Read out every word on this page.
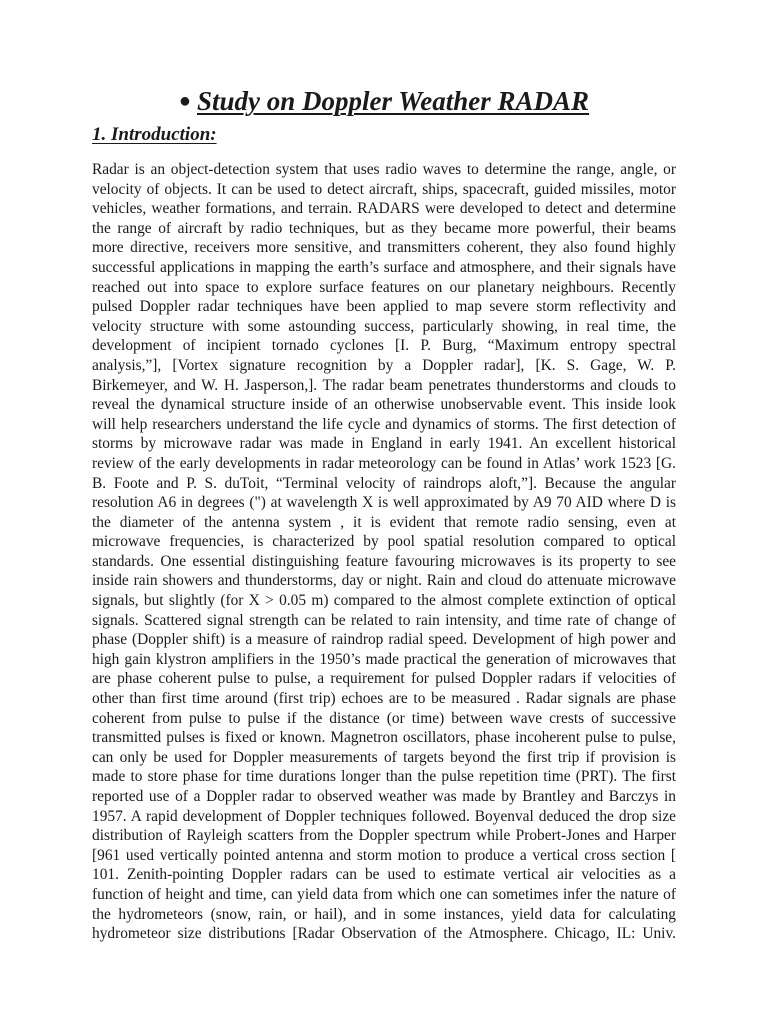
● Study on Doppler Weather RADAR
1. Introduction:
Radar is an object-detection system that uses radio waves to determine the range, angle, or
velocity of objects. It can be used to detect aircraft, ships, spacecraft, guided missiles, motor
vehicles, weather formations, and terrain. RADARS were developed to detect and determine
the range of aircraft by radio techniques, but as they became more powerful, their beams
more directive, receivers more sensitive, and transmitters coherent, they also found highly
successful applications in mapping the earth’s surface and atmosphere, and their signals have
reached out into space to explore surface features on our planetary neighbours. Recently
pulsed Doppler radar techniques have been applied to map severe storm reflectivity and
velocity structure with some astounding success, particularly showing, in real time, the
development of incipient tornado cyclones [I. P. Burg, “Maximum entropy spectral
analysis,”], [Vortex signature recognition by a Doppler radar], [K. S. Gage, W. P.
Birkemeyer, and W. H. Jasperson,]. The radar beam penetrates thunderstorms and clouds to
reveal the dynamical structure inside of an otherwise unobservable event. This inside look
will help researchers understand the life cycle and dynamics of storms. The first detection of
storms by microwave radar was made in England in early 1941. An excellent historical
review of the early developments in radar meteorology can be found in Atlas’ work 1523 [G.
B. Foote and P. S. duToit, “Terminal velocity of raindrops aloft,”]. Because the angular
resolution A6 in degrees (") at wavelength X is well approximated by A9 70 AID where D is
the diameter of the antenna system , it is evident that remote radio sensing, even at
microwave frequencies, is characterized by pool spatial resolution compared to optical
standards. One essential distinguishing feature favouring microwaves is its property to see
inside rain showers and thunderstorms, day or night. Rain and cloud do attenuate microwave
signals, but slightly (for X > 0.05 m) compared to the almost complete extinction of optical
signals. Scattered signal strength can be related to rain intensity, and time rate of change of
phase (Doppler shift) is a measure of raindrop radial speed. Development of high power and
high gain klystron amplifiers in the 1950’s made practical the generation of microwaves that
are phase coherent pulse to pulse, a requirement for pulsed Doppler radars if velocities of
other than first time around (first trip) echoes are to be measured . Radar signals are phase
coherent from pulse to pulse if the distance (or time) between wave crests of successive
transmitted pulses is fixed or known. Magnetron oscillators, phase incoherent pulse to pulse,
can only be used for Doppler measurements of targets beyond the first trip if provision is
made to store phase for time durations longer than the pulse repetition time (PRT). The first
reported use of a Doppler radar to observed weather was made by Brantley and Barczys in
1957. A rapid development of Doppler techniques followed. Boyenval deduced the drop size
distribution of Rayleigh scatters from the Doppler spectrum while Probert-Jones and Harper
[961 used vertically pointed antenna and storm motion to produce a vertical cross section [
101. Zenith-pointing Doppler radars can be used to estimate vertical air velocities as a
function of height and time, can yield data from which one can sometimes infer the nature of
the hydrometeors (snow, rain, or hail), and in some instances, yield data for calculating
hydrometeor size distributions [Radar Observation of the Atmosphere. Chicago, IL: Univ.
